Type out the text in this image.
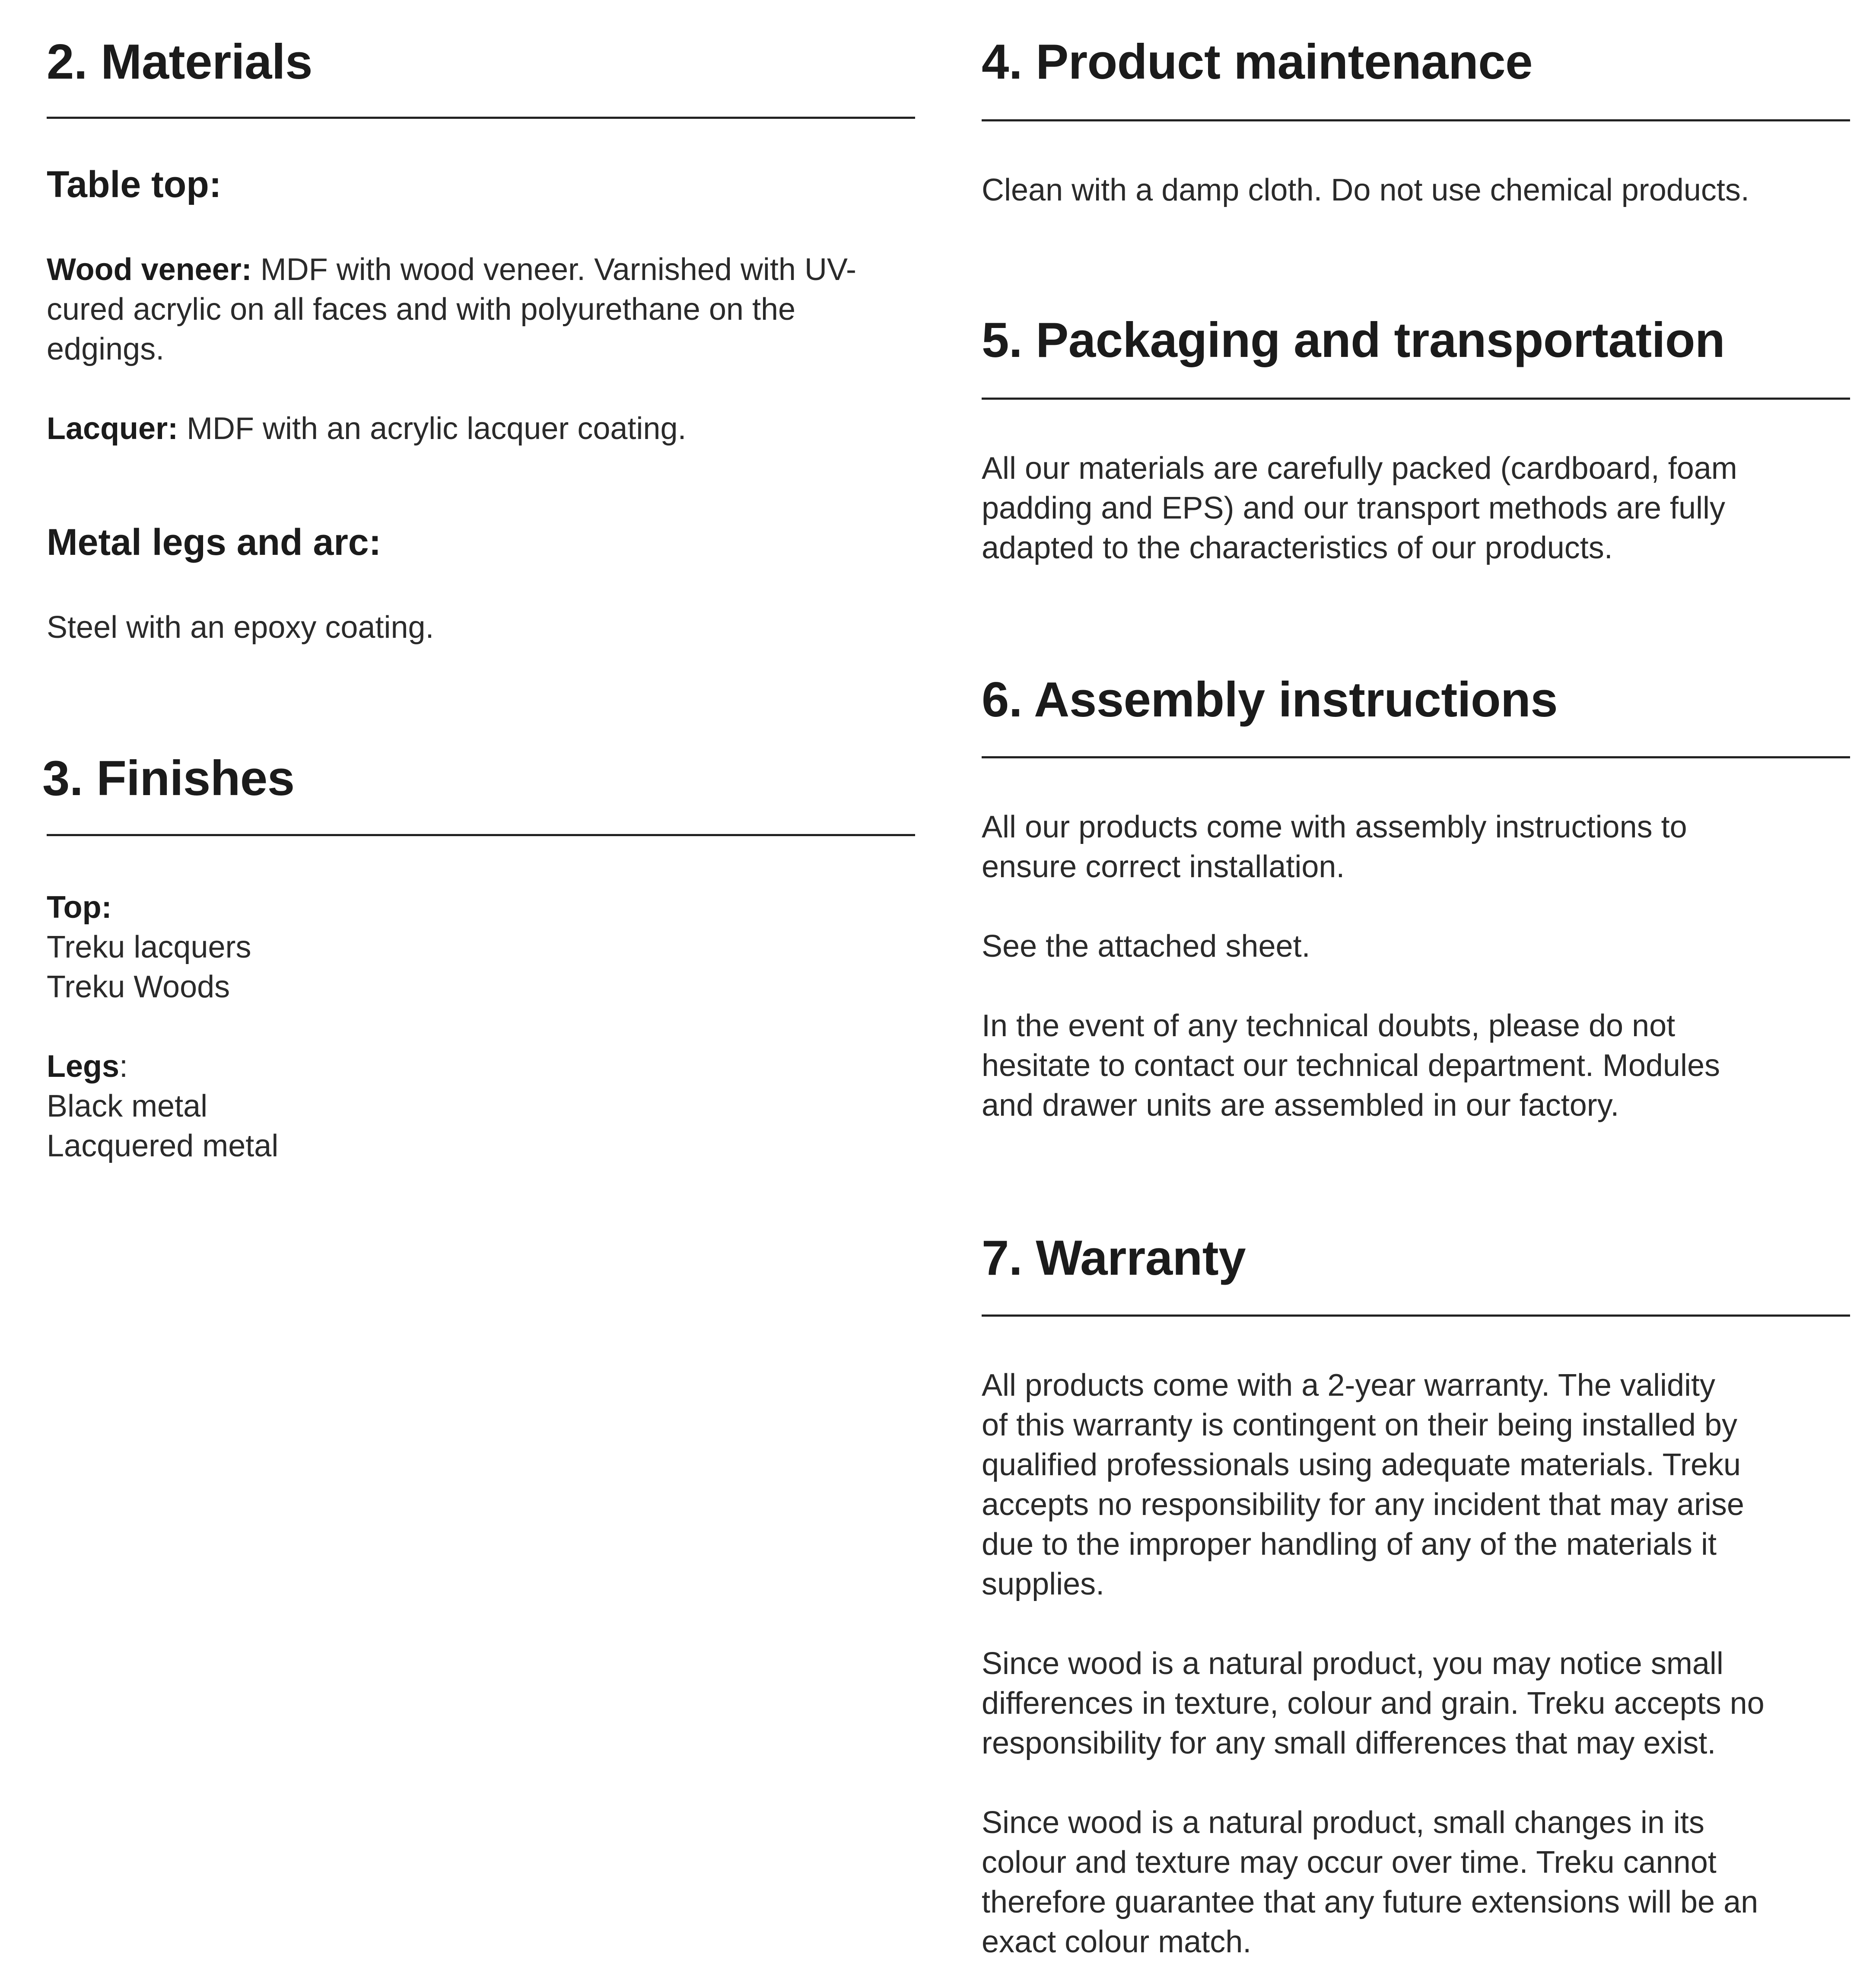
2. Materials
Table top:

Wood veneer: MDF with wood veneer. Varnished with UV-
cured acrylic on all faces and with polyurethane on the
edgings.

Lacquer: MDF with an acrylic lacquer coating.

Metal legs and arc:

Steel with an epoxy coating.

3. Finishes

Top:
Treku lacquers
Treku Woods

Legs:
Black metal
Lacquered metal

4. Product maintenance

Clean with a damp cloth. Do not use chemical products.

5. Packaging and transportation

All our materials are carefully packed (cardboard, foam
padding and EPS) and our transport methods are fully
adapted to the characteristics of our products.

6. Assembly instructions

All our products come with assembly instructions to
ensure correct installation.

See the attached sheet.

In the event of any technical doubts, please do not
hesitate to contact our technical department. Modules
and drawer units are assembled in our factory.

7. Warranty

All products come with a 2-year warranty. The validity
of this warranty is contingent on their being installed by
qualified professionals using adequate materials. Treku
accepts no responsibility for any incident that may arise
due to the improper handling of any of the materials it
supplies.

Since wood is a natural product, you may notice small
differences in texture, colour and grain. Treku accepts no
responsibility for any small differences that may exist.

Since wood is a natural product, small changes in its
colour and texture may occur over time. Treku cannot
therefore guarantee that any future extensions will be an
exact colour match.
